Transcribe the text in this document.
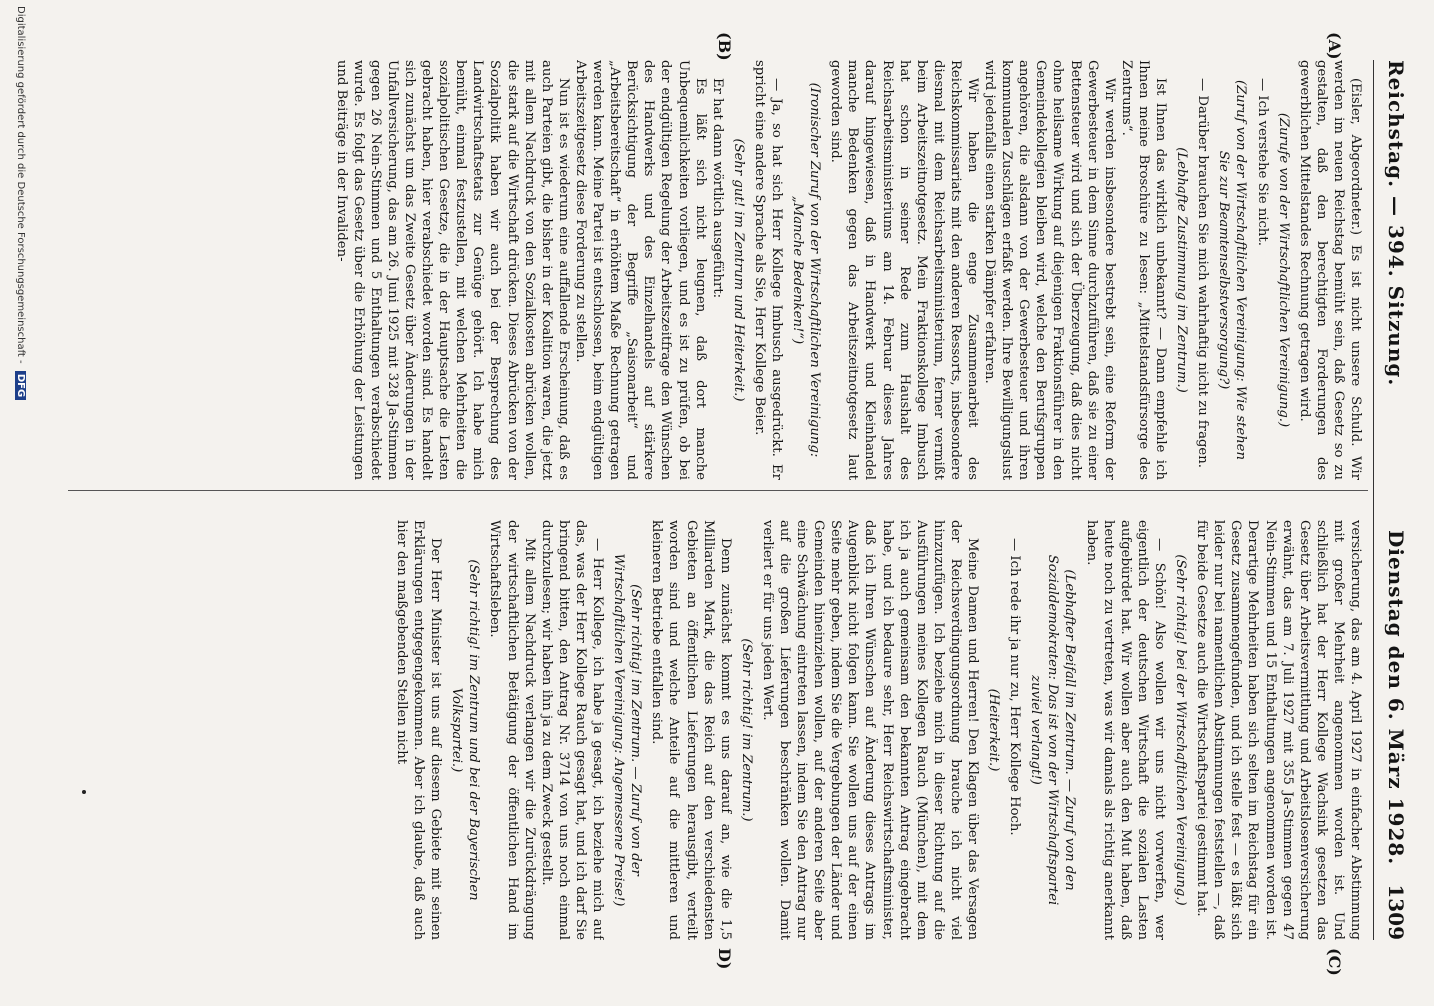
Reichstag. — 394. Sitzung.
Dienstag den 6. März 1928.
1309
(A)
(B)
(C)
D)

(Eisler, Abgeordneter.) Es ist nicht unsere Schuld. Wir werden im neuen Reichstag bemüht sein, daß Gesetz so zu gestalten, daß den berechtigten Forderungen des gewerblichen Mittelstandes Rechnung getragen wird.

(Zurufe von der Wirtschaftlichen Vereinigung.)

— Ich verstehe Sie nicht.

(Zuruf von der Wirtschaftlichen Vereinigung: Wie stehen Sie zur Beamtenselbstversorgung?)

— Darüber brauchen Sie mich wahrhaftig nicht zu fragen.

(Lebhafte Zustimmung im Zentrum.)

Ist Ihnen das wirklich unbekannt? — Dann empfehle ich Ihnen meine Broschüre zu lesen: „Mittelstandsfürsorge des Zentrums“.

Wir werden insbesondere bestrebt sein, eine Reform der Gewerbesteuer in dem Sinne durchzuführen, daß sie zu einer Bettensteuer wird und sich der Überzeugung, daß dies nicht ohne heilsame Wirkung auf diejenigen Fraktionsführer in den Gemeindekollegien bleiben wird, welche den Berufsgruppen angehören, die alsdann von der Gewerbesteuer und ihren kommunalen Zuschlägen erfaßt werden. Ihre Bewilligungslust wird jedenfalls einen starken Dämpfer erfahren.

Wir haben die enge Zusammenarbeit des Reichskommissariats mit den anderen Ressorts, insbesondere diesmal mit dem Reichsarbeitsministerium, ferner vermißt beim Arbeitszeitnotgesetz. Mein Fraktionskollege Imbusch hat schon in seiner Rede zum Haushalt des Reichsarbeitsministeriums am 14. Februar dieses Jahres darauf hingewiesen, daß in Handwerk und Kleinhandel manche Bedenken gegen das Arbeitszeitnotgesetz laut geworden sind.

(Ironischer Zuruf von der Wirtschaftlichen Vereinigung: „Manche Bedenken!“)

— Ja, so hat sich Herr Kollege Imbusch ausgedrückt. Er spricht eine andere Sprache als Sie, Herr Kollege Beier.

(Sehr gut! im Zentrum und Heiterkeit.)

Er hat dann wörtlich ausgeführt:

Es läßt sich nicht leugnen, daß dort manche Unbequemlichkeiten vorliegen, und es ist zu prüfen, ob bei der endgültigen Regelung der Arbeitszeitfrage den Wünschen des Handwerks und des Einzelhandels auf stärkere Berücksichtigung der Begriffe „Saisonarbeit“ und „Arbeitsbereitschaft“ in erhöhtem Maße Rechnung getragen werden kann. Meine Partei ist entschlossen, beim endgültigen Arbeitszeitgesetz diese Forderung zu stellen.

Nun ist es wiederum eine auffallende Erscheinung, daß es auch Parteien gibt, die bisher in der Koalition waren, die jetzt mit allem Nachdruck von den Sozialkosten abrücken wollen, die stark auf die Wirtschaft drücken. Dieses Abrücken von der Sozialpolitik haben wir auch bei der Besprechung des Landwirtschaftsetats zur Genüge gehört. Ich habe mich bemüht, einmal festzustellen, mit welchen Mehrheiten die sozialpolitischen Gesetze, die in der Hauptsache die Lasten gebracht haben, hier verabschiedet worden sind. Es handelt sich zunächst um das Zweite Gesetz über Änderungen in der Unfallversicherung, das am 26. Juni 1925 mit 328 Ja-Stimmen gegen 26 Nein-Stimmen und 5 Enthaltungen verabschiedet wurde. Es folgt das Gesetz über die Erhöhung der Leistungen und Beiträge in der Invaliden-

versicherung, das am 4. April 1927 in einfacher Abstimmung mit großer Mehrheit angenommen worden ist. Und schließlich hat der Herr Kollege Wachsink gesetzen das Gesetz über Arbeitsvermittlung und Arbeitslosenversicherung erwähnt, das am 7. Juli 1927 mit 355 Ja-Stimmen gegen 47 Nein-Stimmen und 15 Enthaltungen angenommen worden ist. Derartige Mehrheiten haben sich selten im Reichstag für ein Gesetz zusammengefunden, und ich stelle fest — es läßt sich leider nur bei namentlichen Abstimmungen feststellen —, daß für beide Gesetze auch die Wirtschaftspartei gestimmt hat.

(Sehr richtig! bei der Wirtschaftlichen Vereinigung.)

— Schön! Also wollen wir uns nicht vorwerfen, wer eigentlich der deutschen Wirtschaft die sozialen Lasten aufgebürdet hat. Wir wollen aber auch den Mut haben, daß heute noch zu vertreten, was wir damals als richtig anerkannt haben.

(Lebhafter Beifall im Zentrum. — Zuruf von den Sozialdemokraten: Das ist von der Wirtschaftspartei zuviel verlangt!)

— Ich rede ihr ja nur zu, Herr Kollege Hoch.

(Heiterkeit.)

Meine Damen und Herren! Den Klagen über das Versagen der Reichsverdingungsordnung brauche ich nicht viel hinzuzufügen. Ich beziehe mich in dieser Richtung auf die Ausführungen meines Kollegen Rauch (München), mit dem ich ja auch gemeinsam den bekannten Antrag eingebracht habe, und ich bedaure sehr, Herr Reichswirtschaftsminister, daß ich Ihren Wünschen auf Änderung dieses Antrags im Augenblick nicht folgen kann. Sie wollen uns auf der einen Seite mehr geben, indem Sie die Vergebungen der Länder und Gemeinden hineinziehen wollen, auf der anderen Seite aber eine Schwächung eintreten lassen, indem Sie den Antrag nur auf die großen Lieferungen beschränken wollen. Damit verliert er für uns jeden Wert.

(Sehr richtig! im Zentrum.)

Denn zunächst kommt es uns darauf an, wie die 1,5 Milliarden Mark, die das Reich auf den verschiedensten Gebieten an öffentlichen Lieferungen herausgibt, verteilt worden sind und welche Anteile auf die mittleren und kleineren Betriebe entfallen sind.

(Sehr richtig! im Zentrum. — Zuruf von der Wirtschaftlichen Vereinigung: Angemessene Preise!)

— Herr Kollege, ich habe ja gesagt, ich beziehe mich auf das, was der Herr Kollege Rauch gesagt hat, und ich darf Sie bringend bitten, den Antrag Nr. 3714 von uns noch einmal durchzulesen; wir haben ihn ja zu dem Zweck gestellt.

Mit allem Nachdruck verlangen wir die Zurückdrängung der wirtschaftlichen Betätigung der öffentlichen Hand im Wirtschaftsleben.

(Sehr richtig! im Zentrum und bei der Bayerischen Volkspartei.)

Der Herr Minister ist uns auf diesem Gebiete mit seinen Erklärungen entgegengekommen. Aber ich glaube, daß auch hier den maßgebenden Stellen nicht

Digitalisierung gefördert durch die Deutsche Forschungsgemeinschaft - DFG
